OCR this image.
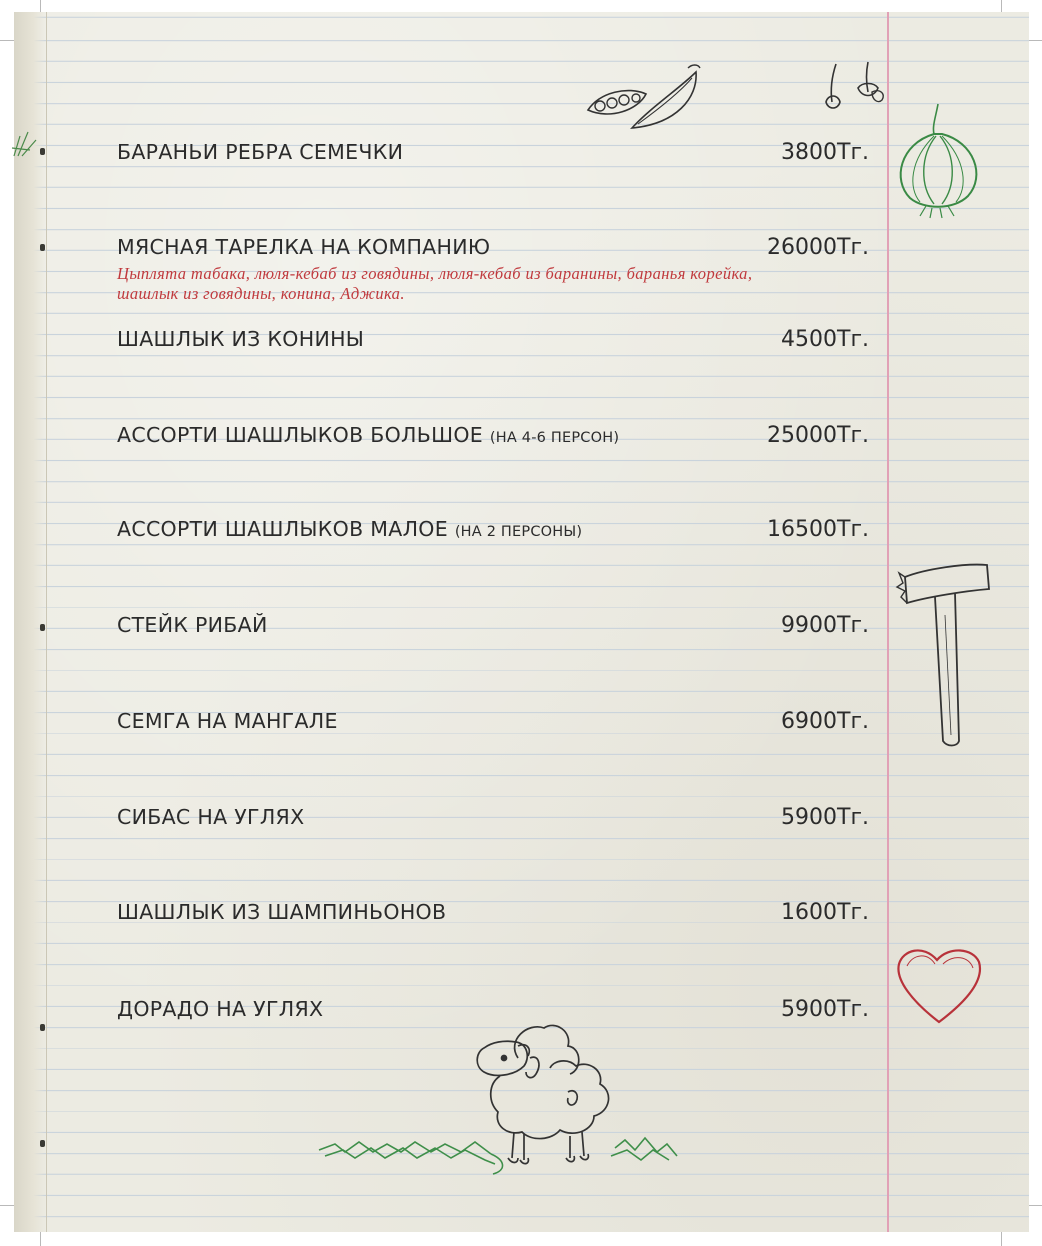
БАРАНЬИ РЕБРА СЕМЕЧКИ	3800Тг.
МЯСНАЯ ТАРЕЛКА НА КОМПАНИЮ	26000Тг.
Цыплята табака, люля-кебаб из говядины, люля-кебаб из баранины, баранья корейка, шашлык из говядины, конина, Аджика.
ШАШЛЫК ИЗ КОНИНЫ	4500Тг.
АССОРТИ ШАШЛЫКОВ БОЛЬШОЕ (НА 4-6 ПЕРСОН)	25000Тг.
АССОРТИ ШАШЛЫКОВ МАЛОЕ (НА 2 ПЕРСОНЫ)	16500Тг.
СТЕЙК РИБАЙ	9900Тг.
СЕМГА НА МАНГАЛЕ	6900Тг.
СИБАС НА УГЛЯХ	5900Тг.
ШАШЛЫК ИЗ ШАМПИНЬОНОВ	1600Тг.
ДОРАДО НА УГЛЯХ	5900Тг.
